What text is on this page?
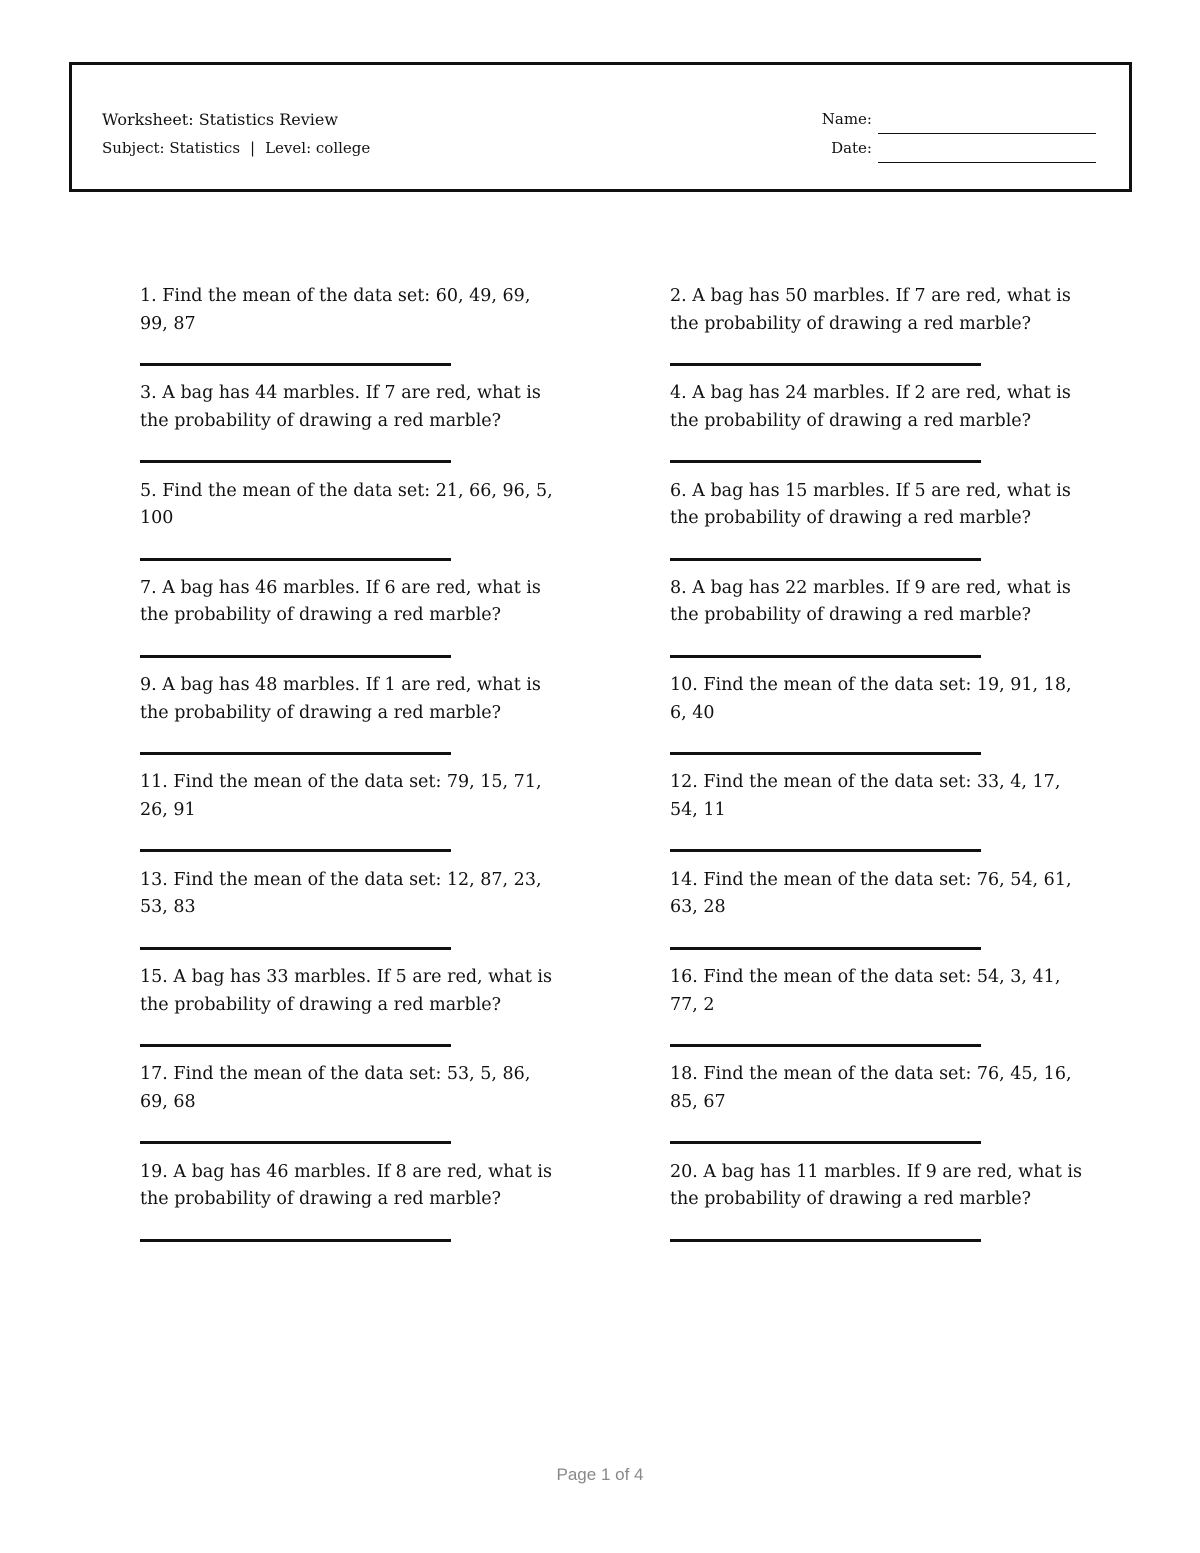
Worksheet: Statistics Review
Subject: Statistics | Level: college
Name:
Date:

1. Find the mean of the data set: 60, 49, 69, 99, 87

2. A bag has 50 marbles. If 7 are red, what is the probability of drawing a red marble?

3. A bag has 44 marbles. If 7 are red, what is the probability of drawing a red marble?

4. A bag has 24 marbles. If 2 are red, what is the probability of drawing a red marble?

5. Find the mean of the data set: 21, 66, 96, 5, 100

6. A bag has 15 marbles. If 5 are red, what is the probability of drawing a red marble?

7. A bag has 46 marbles. If 6 are red, what is the probability of drawing a red marble?

8. A bag has 22 marbles. If 9 are red, what is the probability of drawing a red marble?

9. A bag has 48 marbles. If 1 are red, what is the probability of drawing a red marble?

10. Find the mean of the data set: 19, 91, 18, 6, 40

11. Find the mean of the data set: 79, 15, 71, 26, 91

12. Find the mean of the data set: 33, 4, 17, 54, 11

13. Find the mean of the data set: 12, 87, 23, 53, 83

14. Find the mean of the data set: 76, 54, 61, 63, 28

15. A bag has 33 marbles. If 5 are red, what is the probability of drawing a red marble?

16. Find the mean of the data set: 54, 3, 41, 77, 2

17. Find the mean of the data set: 53, 5, 86, 69, 68

18. Find the mean of the data set: 76, 45, 16, 85, 67

19. A bag has 46 marbles. If 8 are red, what is the probability of drawing a red marble?

20. A bag has 11 marbles. If 9 are red, what is the probability of drawing a red marble?

Page 1 of 4
